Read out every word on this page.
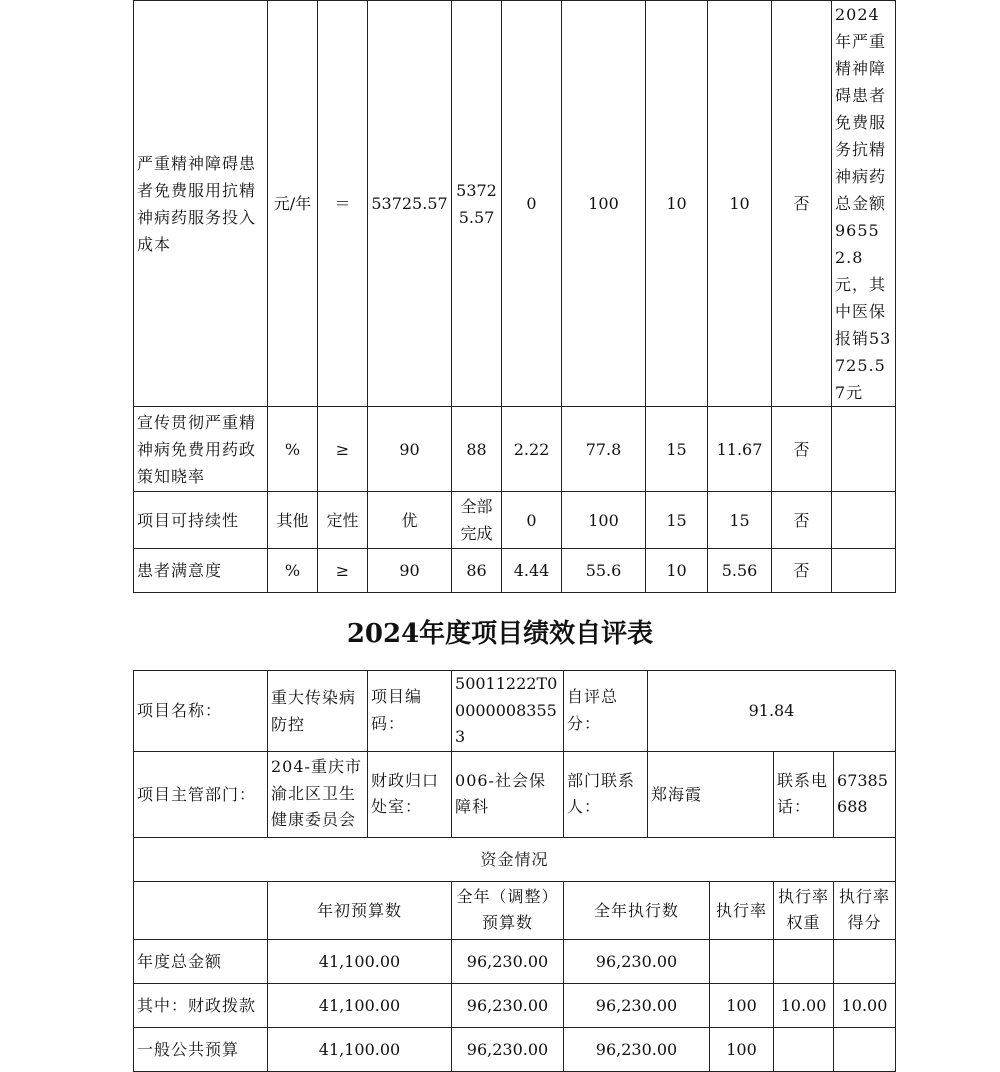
严重精神障碍患者免费服用抗精神病药服务投入成本	元/年	＝	53725.57	53725.57	0	100	10	10	否	2024年严重精神障碍患者免费服务抗精神病药总金额96552.8元，其中医保报销53725.57元
宣传贯彻严重精神病免费用药政策知晓率	%	≥	90	88	2.22	77.8	15	11.67	否	
项目可持续性	其他	定性	优	全部完成	0	100	15	15	否	
患者满意度	%	≥	90	86	4.44	55.6	10	5.56	否	
2024年度项目绩效自评表
项目名称：	重大传染病防控	项目编码：	50011222T000000083553	自评总分：	91.84			
项目主管部门：	204-重庆市渝北区卫生健康委员会	财政归口处室：	006-社会保障科	部门联系人：	郑海霞		联系电话：	67385688
资金情况								
	年初预算数		全年（调整）预算数	全年执行数		执行率	执行率权重	执行率得分
年度总金额	41,100.00		96,230.00	96,230.00				
其中：财政拨款	41,100.00		96,230.00	96,230.00		100	10.00	10.00
一般公共预算	41,100.00		96,230.00	96,230.00		100		
